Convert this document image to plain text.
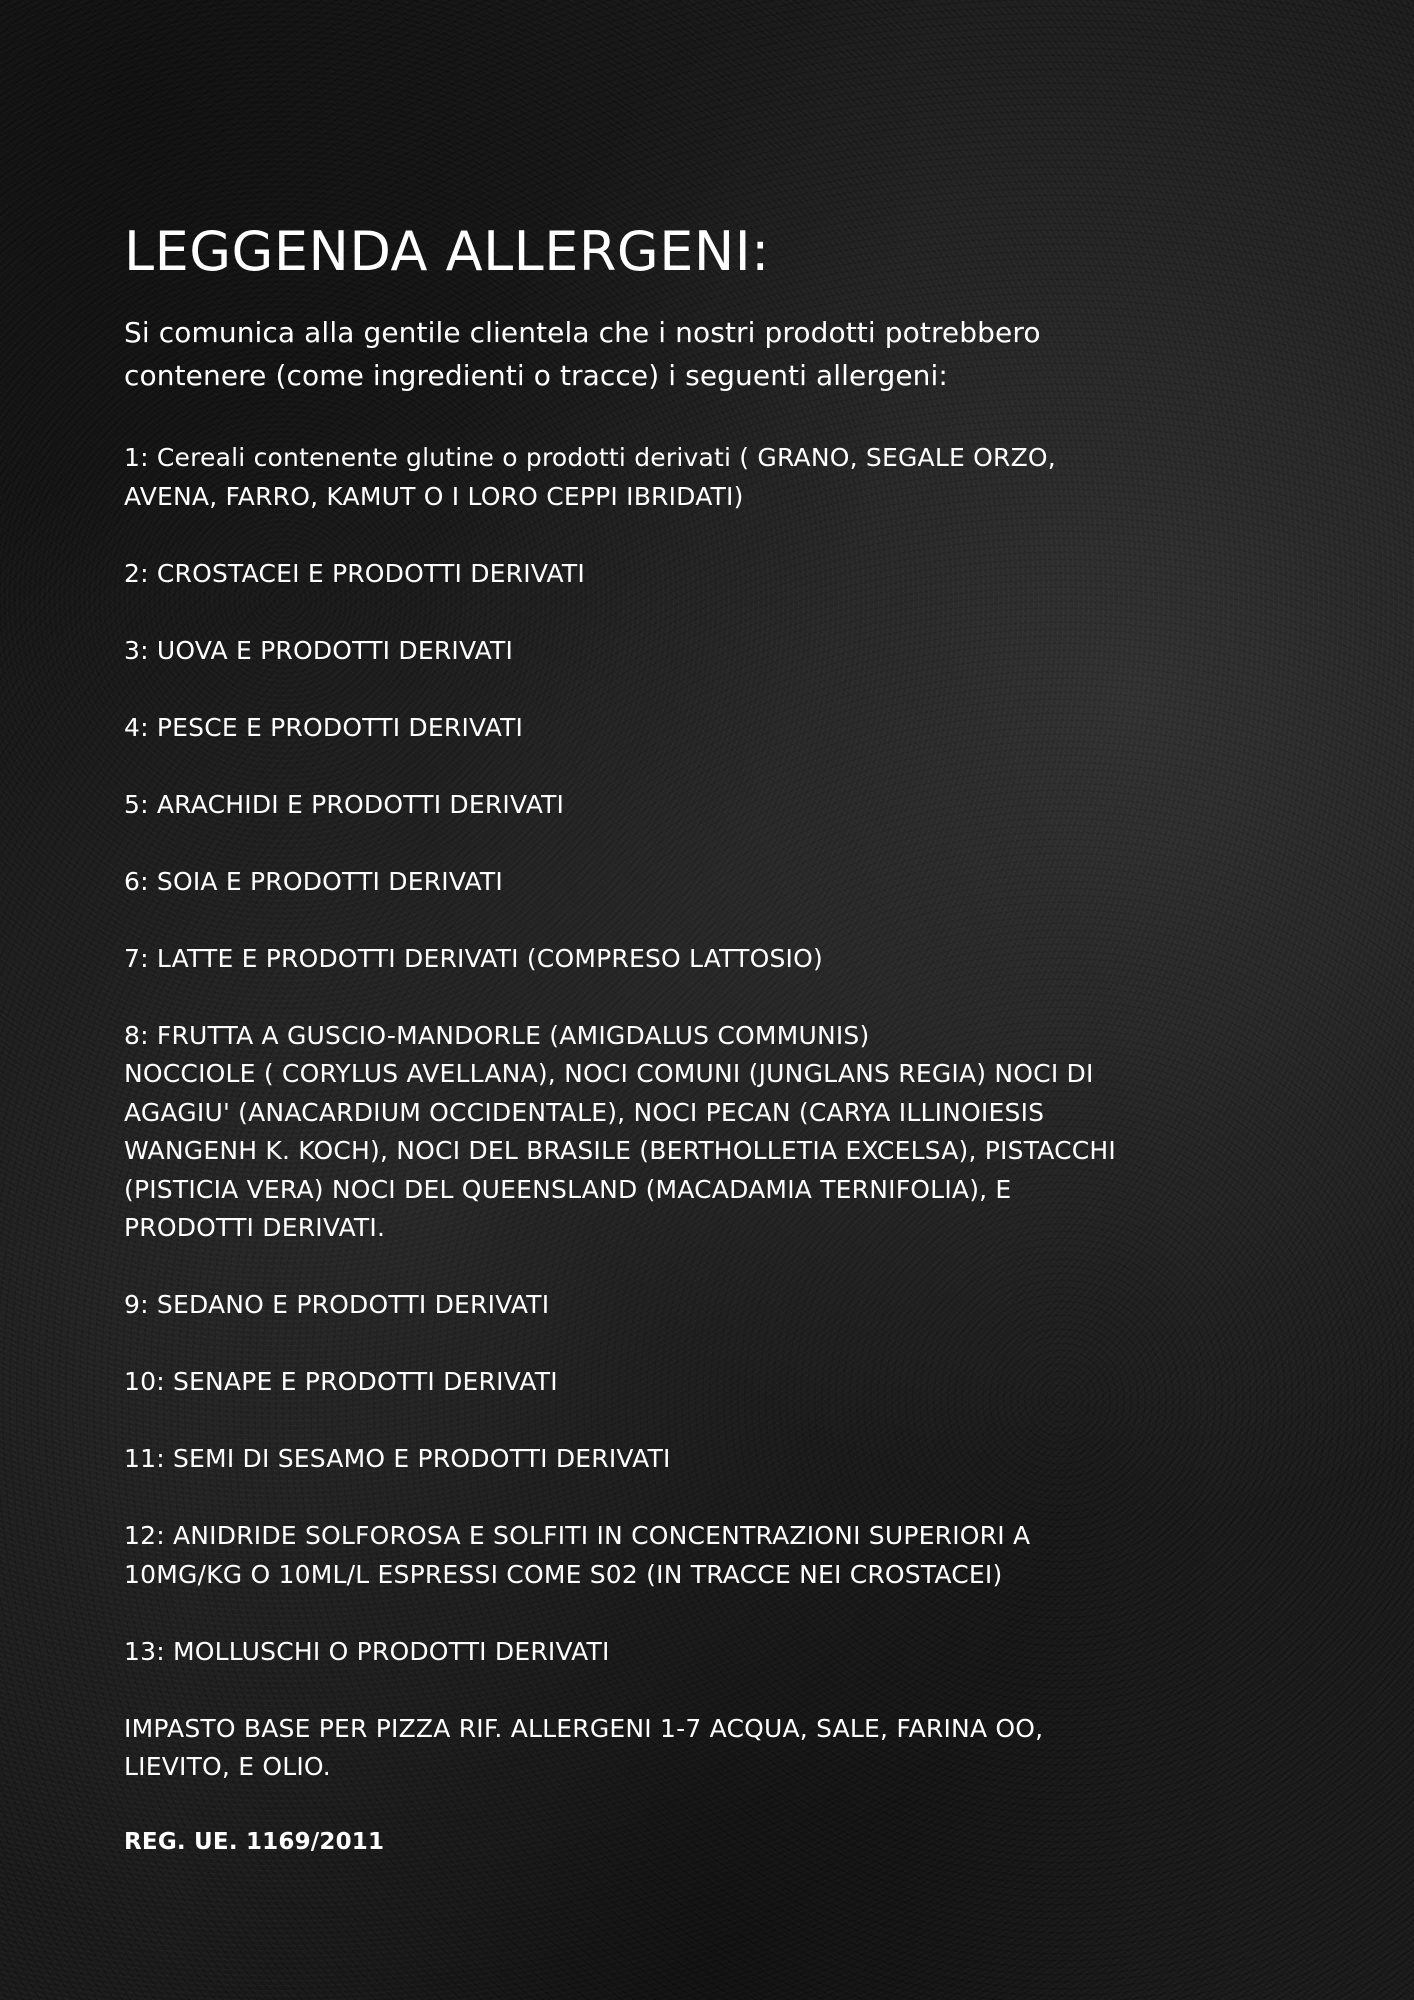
LEGGENDA ALLERGENI:

Si comunica alla gentile clientela che i nostri prodotti potrebbero
contenere (come ingredienti o tracce) i seguenti allergeni:

1: Cereali contenente glutine o prodotti derivati ( GRANO, SEGALE ORZO,
AVENA, FARRO, KAMUT O I LORO CEPPI IBRIDATI)
2: CROSTACEI E PRODOTTI DERIVATI
3: UOVA E PRODOTTI DERIVATI
4: PESCE E PRODOTTI DERIVATI
5: ARACHIDI E PRODOTTI DERIVATI
6: SOIA E PRODOTTI DERIVATI
7: LATTE E PRODOTTI DERIVATI (COMPRESO LATTOSIO)
8: FRUTTA A GUSCIO-MANDORLE (AMIGDALUS COMMUNIS)
NOCCIOLE ( CORYLUS AVELLANA), NOCI COMUNI (JUNGLANS REGIA) NOCI DI
AGAGIU' (ANACARDIUM OCCIDENTALE), NOCI PECAN (CARYA ILLINOIESIS
WANGENH K. KOCH), NOCI DEL BRASILE (BERTHOLLETIA EXCELSA), PISTACCHI
(PISTICIA VERA) NOCI DEL QUEENSLAND (MACADAMIA TERNIFOLIA), E
PRODOTTI DERIVATI.
9: SEDANO E PRODOTTI DERIVATI
10: SENAPE E PRODOTTI DERIVATI
11: SEMI DI SESAMO E PRODOTTI DERIVATI
12: ANIDRIDE SOLFOROSA E SOLFITI IN CONCENTRAZIONI SUPERIORI A
10MG/KG O 10ML/L ESPRESSI COME S02 (IN TRACCE NEI CROSTACEI)
13: MOLLUSCHI O PRODOTTI DERIVATI

IMPASTO BASE PER PIZZA RIF. ALLERGENI 1-7 ACQUA, SALE, FARINA OO,
LIEVITO, E OLIO.

REG. UE. 1169/2011
